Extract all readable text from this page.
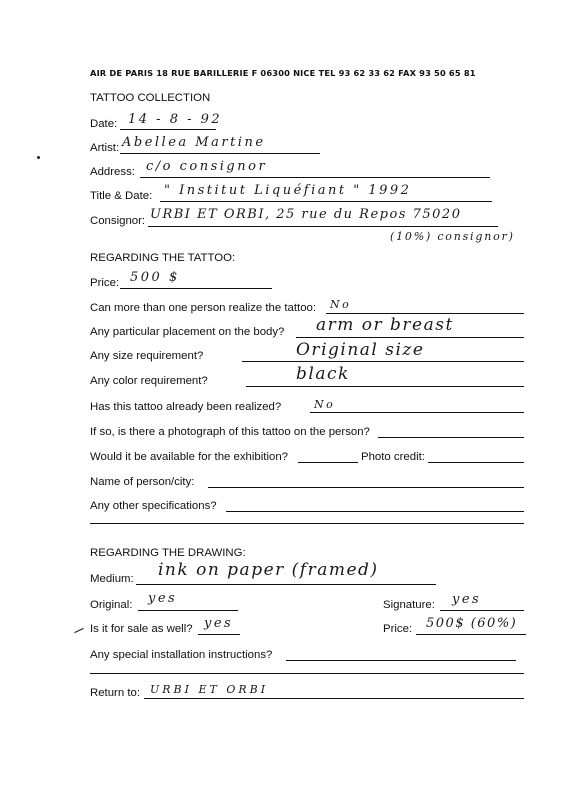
AIR DE PARIS 18 RUE BARILLERIE F 06300 NICE TEL 93 62 33 62 FAX 93 50 65 81
TATTOO COLLECTION
Date: 14 - 8 - 92
Artist: Abellea Martine
Address: c/o consignor
Title & Date: " Institut Liquéfiant " 1992
Consignor: URBI ET ORBI, 25 rue du Repos 75020
(10%) consignor)
REGARDING THE TATTOO:
Price: 500 $
Can more than one person realize the tattoo: No
Any particular placement on the body? arm or breast
Any size requirement?	Original size
Any color requirement?	black
Has this tattoo already been realized?	No
If so, is there a photograph of this tattoo on the person?
Would it be available for the exhibition?	Photo credit:
Name of person/city:
Any other specifications?
REGARDING THE DRAWING:
Medium: ink on paper (framed)
Original: yes	Signature: yes
Is it for sale as well? yes	Price: 500$ (60%)
Any special installation instructions?
Return to: URBI ET ORBI
